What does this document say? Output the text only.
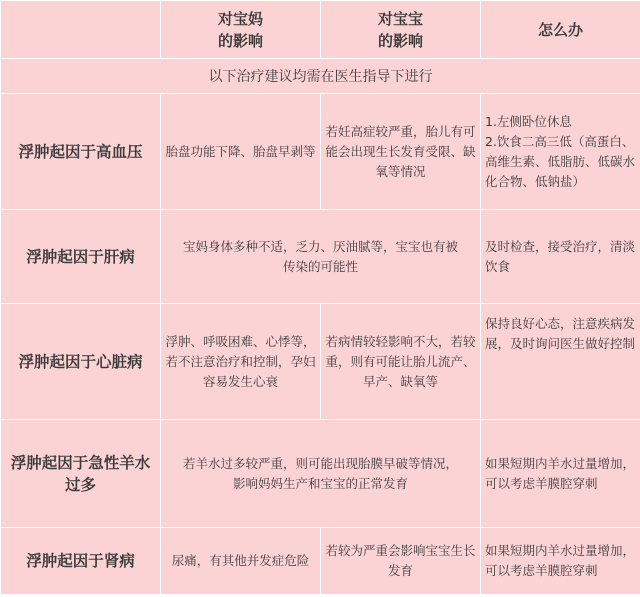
	对宝妈
的影响	对宝宝
的影响	怎么办
以下治疗建议均需在医生指导下进行			
浮肿起因于高血压	胎盘功能下降、胎盘早剥等	若妊高症较严重，胎儿有可能会出现生长发育受限、缺氧等情况	1.左侧卧位休息
2.饮食二高三低（高蛋白、高维生素、低脂肪、低碳水化合物、低钠盐）

浮肿起因于肝病	宝妈身体多种不适，乏力、厌油腻等，宝宝也有被传染的可能性		及时检查，接受治疗，清淡饮食
浮肿起因于心脏病	浮肿、呼吸困难、心悸等，若不注意治疗和控制，孕妇容易发生心衰	若病情较轻影响不大，若较重，则有可能让胎儿流产、早产、缺氧等	保持良好心态，注意疾病发展，及时询问医生做好控制
浮肿起因于急性羊水过多	若羊水过多较严重，则可能出现胎膜早破等情况，影响妈妈生产和宝宝的正常发育		如果短期内羊水过量增加，可以考虑羊膜腔穿刺
浮肿起因于肾病	尿痛，有其他并发症危险	若较为严重会影响宝宝生长发育	如果短期内羊水过量增加，可以考虑羊膜腔穿刺
